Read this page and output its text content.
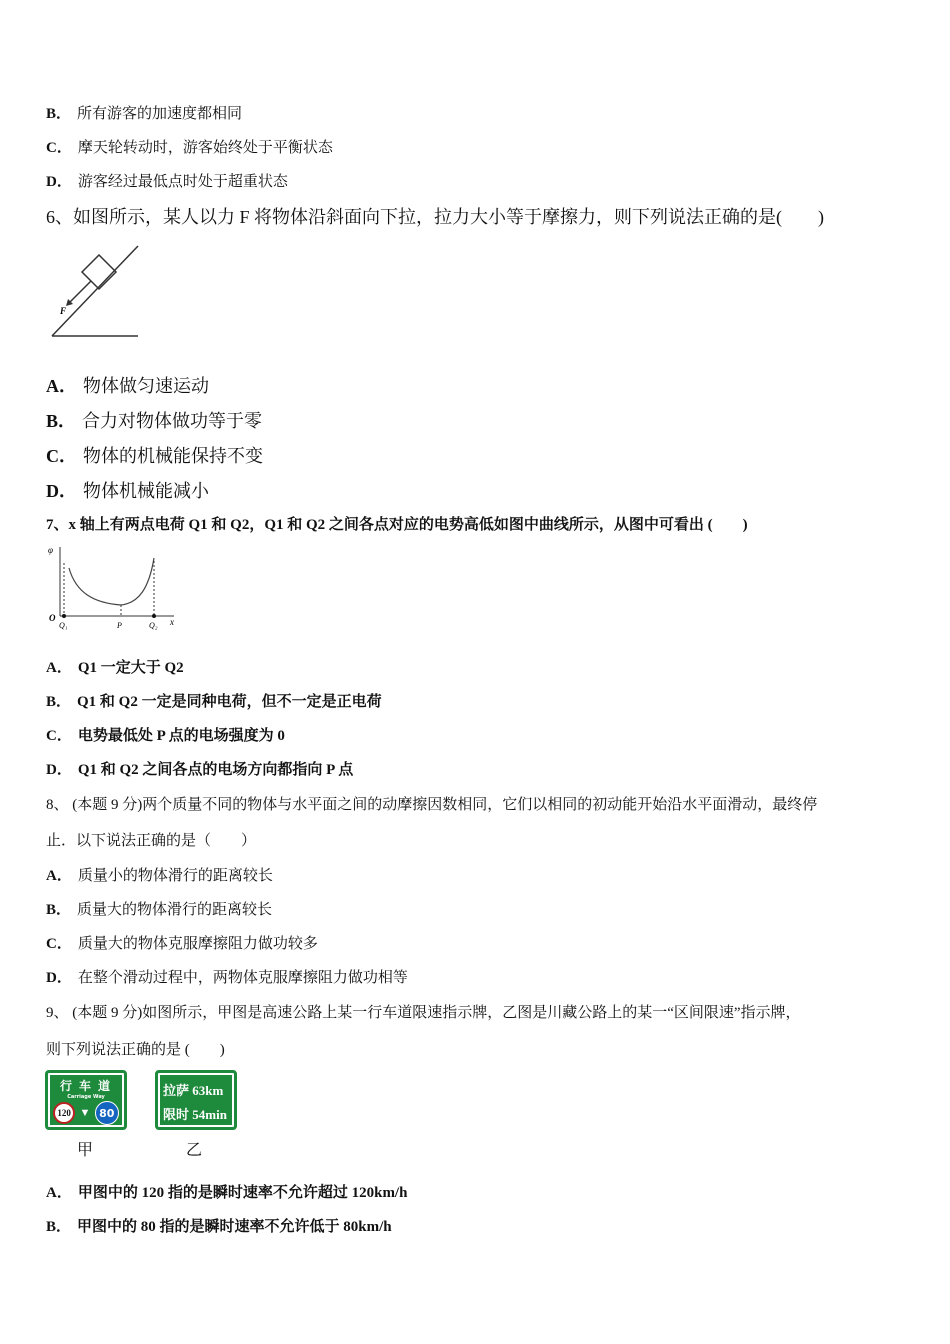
B． 所有游客的加速度都相同
C． 摩天轮转动时，游客始终处于平衡状态
D． 游客经过最低点时处于超重状态
6、如图所示，某人以力 F 将物体沿斜面向下拉，拉力大小等于摩擦力，则下列说法正确的是(　　)
F
A． 物体做匀速运动
B． 合力对物体做功等于零
C． 物体的机械能保持不变
D． 物体机械能减小
7、x 轴上有两点电荷 Q1 和 Q2，Q1 和 Q2 之间各点对应的电势高低如图中曲线所示，从图中可看出 (　　)
φ
x
O
Q₁	P	Q₂
A． Q1 一定大于 Q2
B． Q1 和 Q2 一定是同种电荷，但不一定是正电荷
C． 电势最低处 P 点的电场强度为 0
D． Q1 和 Q2 之间各点的电场方向都指向 P 点
8、 (本题 9 分)两个质量不同的物体与水平面之间的动摩擦因数相同，它们以相同的初动能开始沿水平面滑动，最终停
止．以下说法正确的是（　　）
A． 质量小的物体滑行的距离较长
B． 质量大的物体滑行的距离较长
C． 质量大的物体克服摩擦阻力做功较多
D． 在整个滑动过程中，两物体克服摩擦阻力做功相等
9、 (本题 9 分)如图所示，甲图是高速公路上某一行车道限速指示牌，乙图是川藏公路上的某一“区间限速”指示牌，
则下列说法正确的是 (　　)
行 车 道
Carriage Way
120 ▼ 80
甲
拉萨 63km
限时 54min
乙
A． 甲图中的 120 指的是瞬时速率不允许超过 120km/h
B． 甲图中的 80 指的是瞬时速率不允许低于 80km/h
